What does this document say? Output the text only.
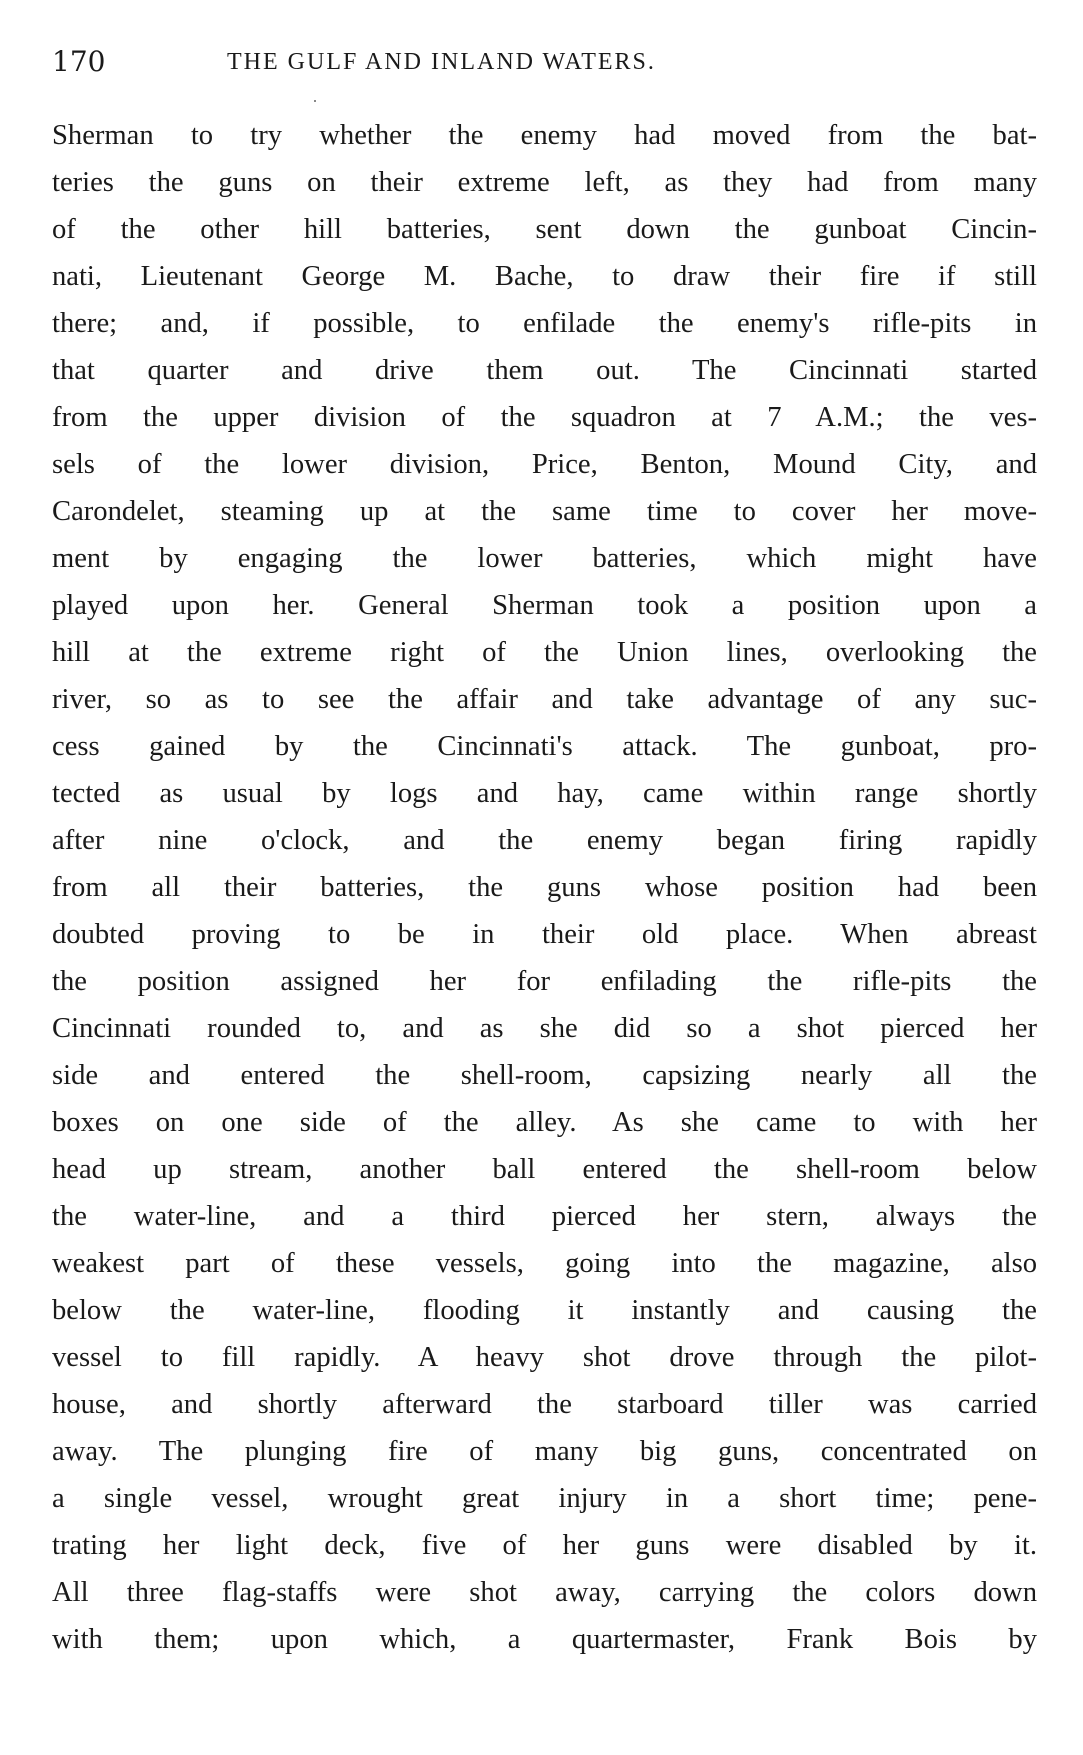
170	THE GULF AND INLAND WATERS.
Sherman to try whether the enemy had moved from the bat-
teries the guns on their extreme left, as they had from many
of the other hill batteries, sent down the gunboat Cincin-
nati, Lieutenant George M. Bache, to draw their fire if still
there; and, if possible, to enfilade the enemy's rifle-pits in
that quarter and drive them out. The Cincinnati started
from the upper division of the squadron at 7 A.M.; the ves-
sels of the lower division, Price, Benton, Mound City, and
Carondelet, steaming up at the same time to cover her move-
ment by engaging the lower batteries, which might have
played upon her. General Sherman took a position upon a
hill at the extreme right of the Union lines, overlooking the
river, so as to see the affair and take advantage of any suc-
cess gained by the Cincinnati's attack. The gunboat, pro-
tected as usual by logs and hay, came within range shortly
after nine o'clock, and the enemy began firing rapidly
from all their batteries, the guns whose position had been
doubted proving to be in their old place. When abreast
the position assigned her for enfilading the rifle-pits the
Cincinnati rounded to, and as she did so a shot pierced her
side and entered the shell-room, capsizing nearly all the
boxes on one side of the alley. As she came to with her
head up stream, another ball entered the shell-room below
the water-line, and a third pierced her stern, always the
weakest part of these vessels, going into the magazine, also
below the water-line, flooding it instantly and causing the
vessel to fill rapidly. A heavy shot drove through the pilot-
house, and shortly afterward the starboard tiller was carried
away. The plunging fire of many big guns, concentrated on
a single vessel, wrought great injury in a short time; pene-
trating her light deck, five of her guns were disabled by it.
All three flag-staffs were shot away, carrying the colors down
with them; upon which, a quartermaster, Frank Bois by
